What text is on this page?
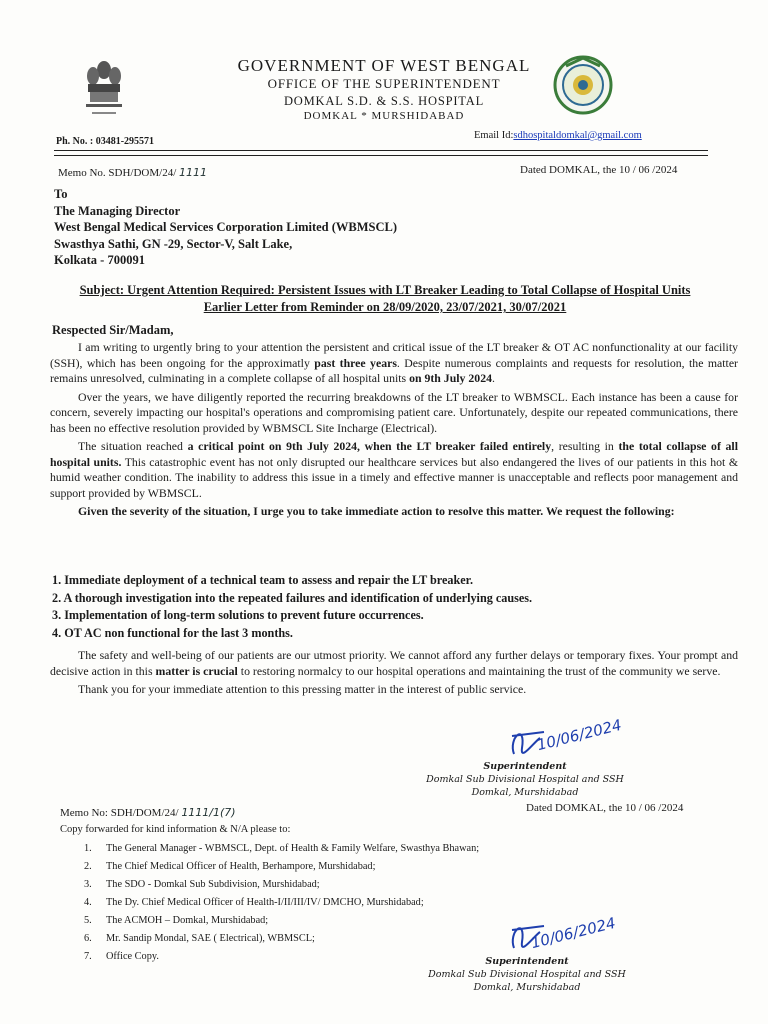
GOVERNMENT OF WEST BENGAL
OFFICE OF THE SUPERINTENDENT
DOMKAL S.D. & S.S. HOSPITAL
DOMKAL * MURSHIDABAD
Ph. No. : 03481-295571
Email Id:sdhospitaldomkal@gmail.com
Memo No. SDH/DOM/24/ 1111	Dated DOMKAL, the 10 / 06 /2024
To
The Managing Director
West Bengal Medical Services Corporation Limited (WBMSCL)
Swasthya Sathi, GN -29, Sector-V, Salt Lake,
Kolkata - 700091
Subject: Urgent Attention Required: Persistent Issues with LT Breaker Leading to Total Collapse of Hospital Units
Earlier Letter from Reminder on 28/09/2020, 23/07/2021, 30/07/2021
Respected Sir/Madam,

I am writing to urgently bring to your attention the persistent and critical issue of the LT breaker & OT AC nonfunctionality at our facility (SSH), which has been ongoing for the approximatly past three years. Despite numerous complaints and requests for resolution, the matter remains unresolved, culminating in a complete collapse of all hospital units on 9th July 2024.

Over the years, we have diligently reported the recurring breakdowns of the LT breaker to WBMSCL. Each instance has been a cause for concern, severely impacting our hospital's operations and compromising patient care. Unfortunately, despite our repeated communications, there has been no effective resolution provided by WBMSCL Site Incharge (Electrical).

The situation reached a critical point on 9th July 2024, when the LT breaker failed entirely, resulting in the total collapse of all hospital units. This catastrophic event has not only disrupted our healthcare services but also endangered the lives of our patients in this hot & humid weather condition. The inability to address this issue in a timely and effective manner is unacceptable and reflects poor management and support provided by WBMSCL.

Given the severity of the situation, I urge you to take immediate action to resolve this matter. We request the following:

1. Immediate deployment of a technical team to assess and repair the LT breaker.
2. A thorough investigation into the repeated failures and identification of underlying causes.
3. Implementation of long-term solutions to prevent future occurrences.
4. OT AC non functional for the last 3 months.

The safety and well-being of our patients are our utmost priority. We cannot afford any further delays or temporary fixes. Your prompt and decisive action in this matter is crucial to restoring normalcy to our hospital operations and maintaining the trust of the community we serve.

Thank you for your immediate attention to this pressing matter in the interest of public service.

10/06/2024
Superintendent
Domkal Sub Divisional Hospital and SSH
Domkal, Murshidabad
Memo No: SDH/DOM/24/ 1111/1(7)	Dated DOMKAL, the 10 / 06 /2024
Copy forwarded for kind information & N/A please to:
1. The General Manager - WBMSCL, Dept. of Health & Family Welfare, Swasthya Bhawan;
2. The Chief Medical Officer of Health, Berhampore, Murshidabad;
3. The SDO - Domkal Sub Subdivision, Murshidabad;
4. The Dy. Chief Medical Officer of Health-I/II/III/IV/ DMCHO, Murshidabad;
5. The ACMOH – Domkal, Murshidabad;
6. Mr. Sandip Mondal, SAE ( Electrical), WBMSCL;
7. Office Copy.
10/06/2024
Superintendent
Domkal Sub Divisional Hospital and SSH
Domkal, Murshidabad
